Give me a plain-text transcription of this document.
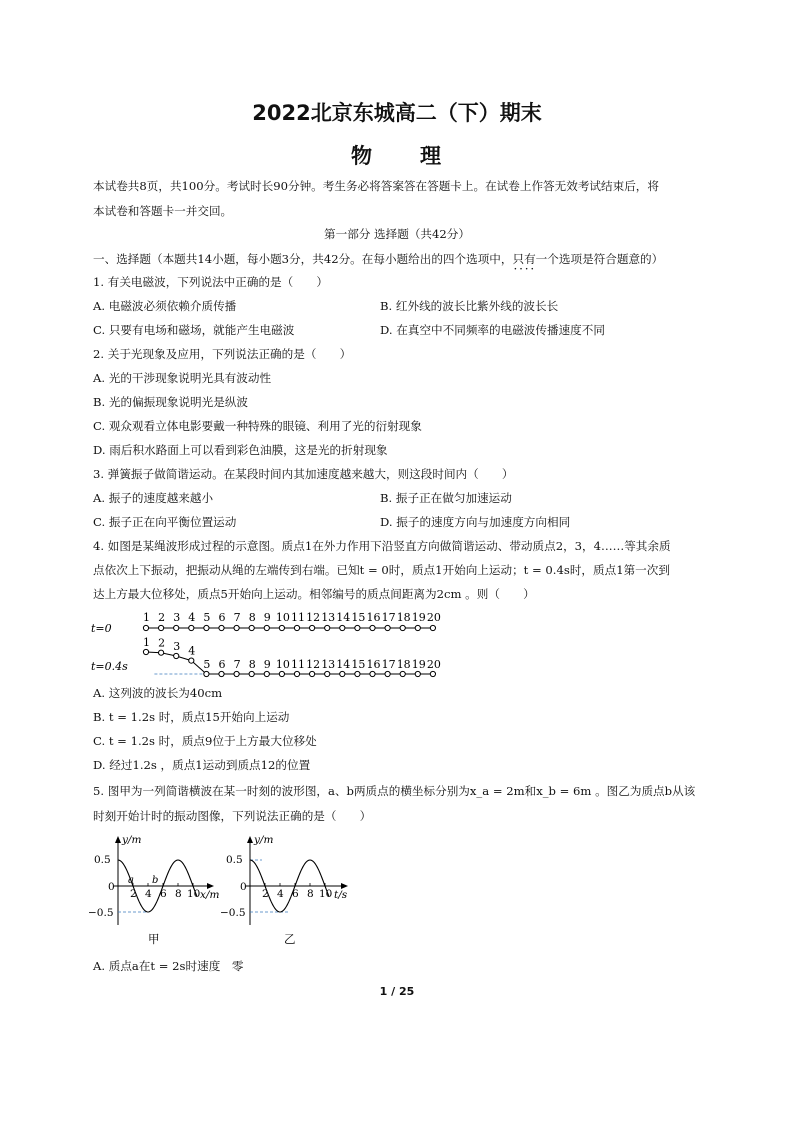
2022北京东城高二（下）期末
物 理
本试卷共8页，共100分。考试时长90分钟。考生务必将答案答在答题卡上。在试卷上作答无效考试结束后，将
本试卷和答题卡一并交回。
第一部分 选择题（共42分）
一、选择题（本题共14小题，每小题3分，共42分。在每小题给出的四个选项中，只有一个 · · 选项是符合题意的）
1. 有关电磁波，下列说法中正确的是（　　）
A. 电磁波必须依赖介质传播	B. 红外线的波长比紫外线的波长长
C. 只要有电场和磁场，就能产生电磁波	D. 在真空中不同频率的电磁波传播速度不同
2. 关于光现象及应用，下列说法正确的是（　　）
A. 光的干涉现象说明光具有波动性
B. 光的偏振现象说明光是纵波
C. 观众观看立体电影要戴一种特殊的眼镜、利用了光的衍射现象
D. 雨后积水路面上可以看到彩色油膜，这是光的折射现象
3. 弹簧振子做简谐运动。在某段时间内其加速度越来越大，则这段时间内（　　）
A. 振子的速度越来越小	B. 振子正在做匀加速运动
C. 振子正在向平衡位置运动	D. 振子的速度方向与加速度方向相同
4. 如图是某绳波形成过程的示意图。质点1在外力作用下沿竖直方向做简谐运动、带动质点2，3，4……等其余质
点依次上下振动，把振动从绳的左端传到右端。已知t = 0时，质点1开始向上运动；t = 0.4s时，质点1第一次到
达上方最大位移处，质点5开始向上运动。相邻编号的质点间距离为2cm 。则（　　）
t=0
t=0.4s
1 2 3 4 5 6 7 8 9 10 11 12 13 14 15 16 17 18 19 20
1 2 3 4
5 6 7 8 9 10 11 12 13 14 15 16 17 18 19 20
A. 这列波的波长为40cm
B. t = 1.2s 时，质点15开始向上运动
C. t = 1.2s 时，质点9位于上方最大位移处
D. 经过1.2s ，质点1运动到质点12的位置
5. 图甲为一列简谐横波在某一时刻的波形图，a、b两质点的横坐标分别为x_a = 2m和x_b = 6m 。图乙为质点b从该
时刻开始计时的振动图像，下列说法正确的是（　　）
y/m
x/m
0.5
0
−0.5
2 4 6 8 10
a b
甲
y/m
t/s
0.5
0
−0.5
2 4 6 8 10
乙
A. 质点a在t = 2s时速度　零
1 / 25
